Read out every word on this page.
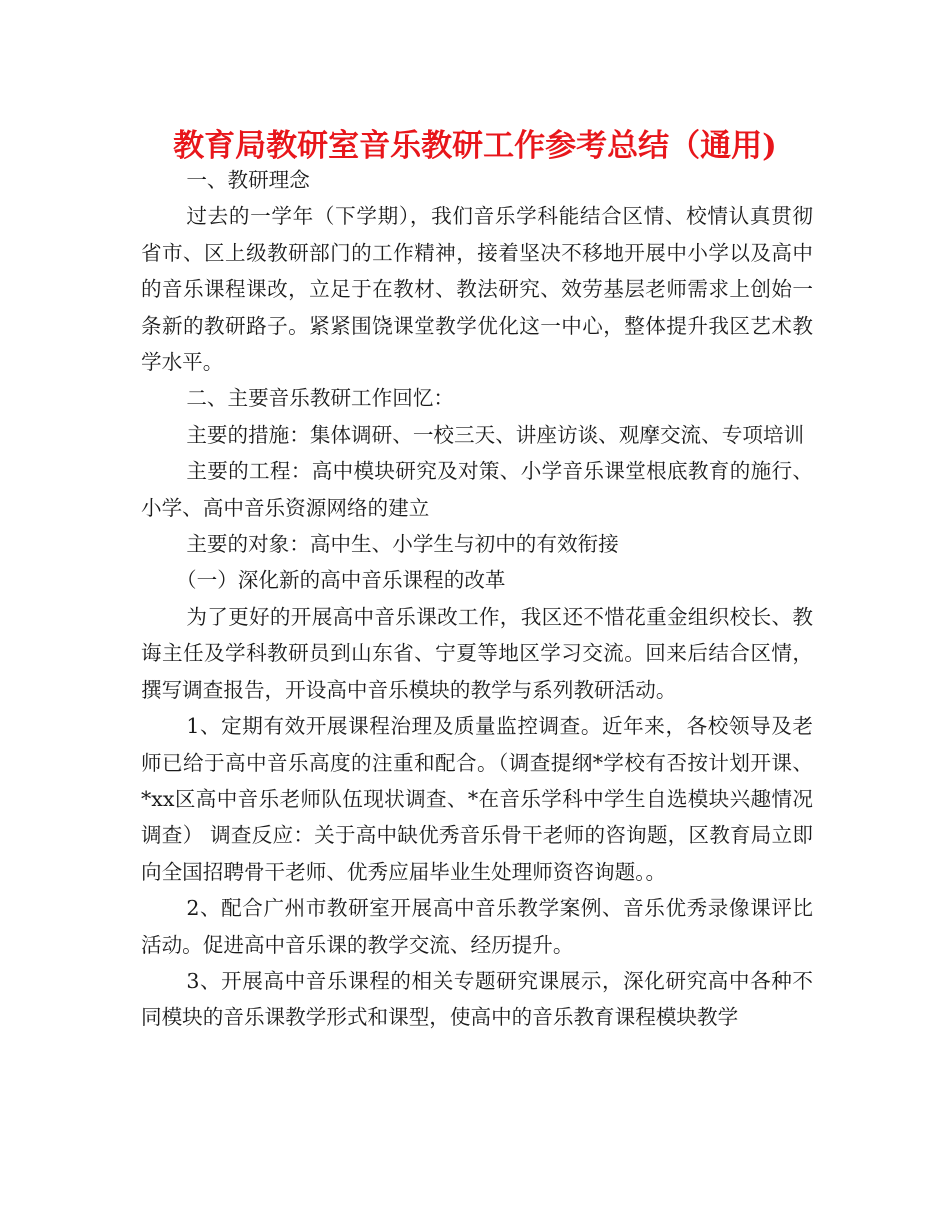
教育局教研室音乐教研工作参考总结（通用)

一、教研理念

过去的一学年（下学期），我们音乐学科能结合区情、校情认真贯彻省市、区上级教研部门的工作精神，接着坚决不移地开展中小学以及高中的音乐课程课改，立足于在教材、教法研究、效劳基层老师需求上创始一条新的教研路子。紧紧围饶课堂教学优化这一中心，整体提升我区艺术教学水平。

二、主要音乐教研工作回忆：

主要的措施：集体调研、一校三天、讲座访谈、观摩交流、专项培训

主要的工程：高中模块研究及对策、小学音乐课堂根底教育的施行、小学、高中音乐资源网络的建立

主要的对象：高中生、小学生与初中的有效衔接

（一）深化新的高中音乐课程的改革

为了更好的开展高中音乐课改工作，我区还不惜花重金组织校长、教诲主任及学科教研员到山东省、宁夏等地区学习交流。回来后结合区情，撰写调查报告，开设高中音乐模块的教学与系列教研活动。

1、定期有效开展课程治理及质量监控调查。近年来，各校领导及老师已给于高中音乐高度的注重和配合。（调查提纲*学校有否按计划开课、*xx区高中音乐老师队伍现状调查、*在音乐学科中学生自选模块兴趣情况调查） 调查反应：关于高中缺优秀音乐骨干老师的咨询题，区教育局立即向全国招聘骨干老师、优秀应届毕业生处理师资咨询题。。

2、配合广州市教研室开展高中音乐教学案例、音乐优秀录像课评比活动。促进高中音乐课的教学交流、经历提升。

3、开展高中音乐课程的相关专题研究课展示，深化研究高中各种不同模块的音乐课教学形式和课型，使高中的音乐教育课程模块教学
